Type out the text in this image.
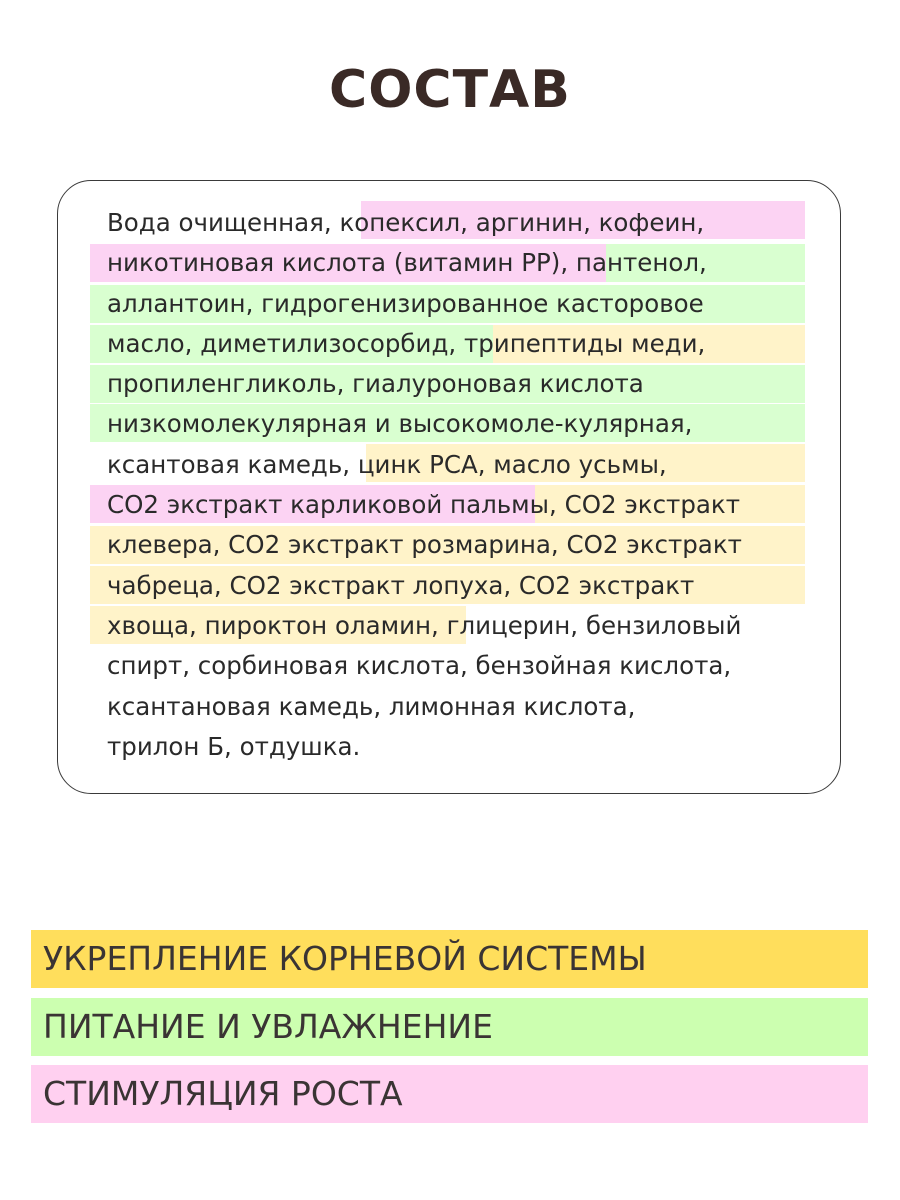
СОСТАВ
Вода очищенная, копексил, аргинин, кофеин,
никотиновая кислота (витамин PP), пантенол,
аллантоин, гидрогенизированное касторовое
масло, диметилизосорбид, трипептиды меди,
пропиленгликоль, гиалуроновая кислота
низкомолекулярная и высокомоле-кулярная,
ксантовая камедь, цинк PCA, масло усьмы,
CO2 экстракт карликовой пальмы, CO2 экстракт
клевера, CO2 экстракт розмарина, CO2 экстракт
чабреца, CO2 экстракт лопуха, CO2 экстракт
хвоща, пироктон оламин, глицерин, бензиловый
спирт, сорбиновая кислота, бензойная кислота,
ксантановая камедь, лимонная кислота,
трилон Б, отдушка.
УКРЕПЛЕНИЕ КОРНЕВОЙ СИСТЕМЫ
ПИТАНИЕ И УВЛАЖНЕНИЕ
СТИМУЛЯЦИЯ РОСТА
